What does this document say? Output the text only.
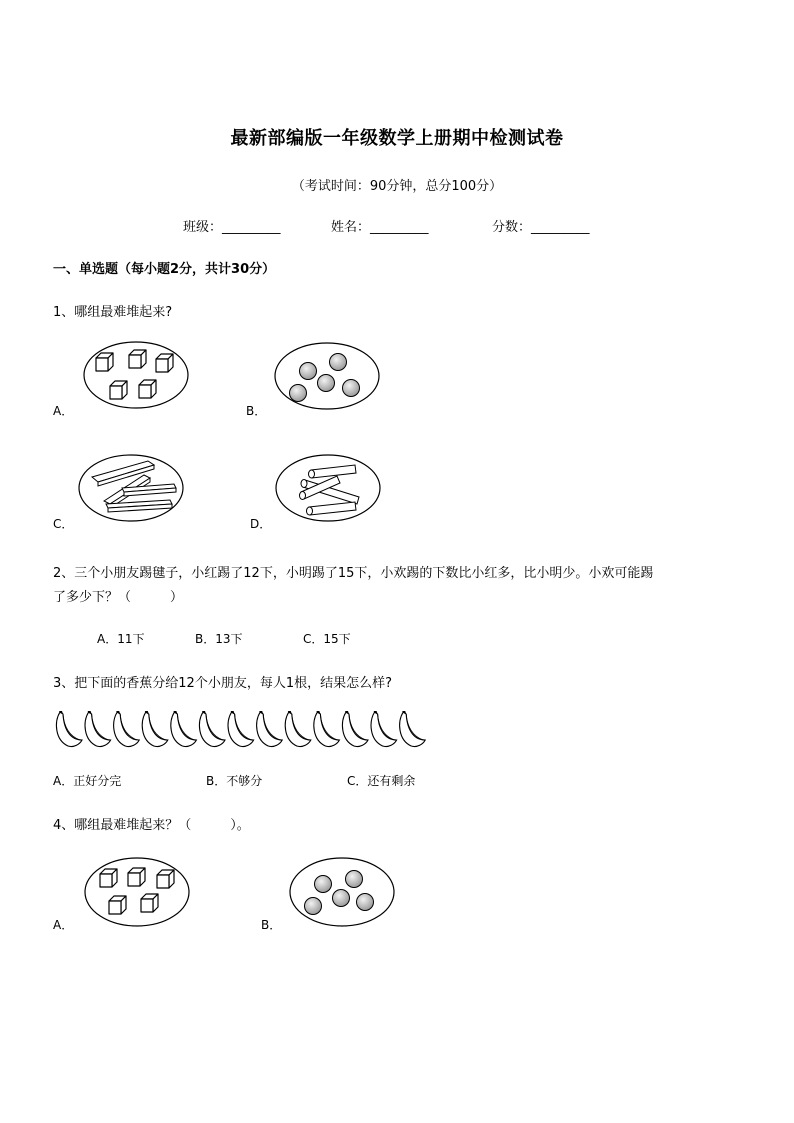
最新部编版一年级数学上册期中检测试卷
（考试时间：90分钟，总分100分）
班级：_________	姓名：_________	分数：_________
一、单选题（每小题2分，共计30分）
1、哪组最难堆起来?
A．	B．
C．	D．
2、三个小朋友踢毽子，小红踢了12下，小明踢了15下，小欢踢的下数比小红多，比小明少。小欢可能踢
了多少下？（　　　）
A．11下	B．13下	C．15下
3、把下面的香蕉分给12个小朋友，每人1根，结果怎么样?
A．正好分完	B．不够分	C．还有剩余
4、哪组最难堆起来？（　　　）。
A．	B．
